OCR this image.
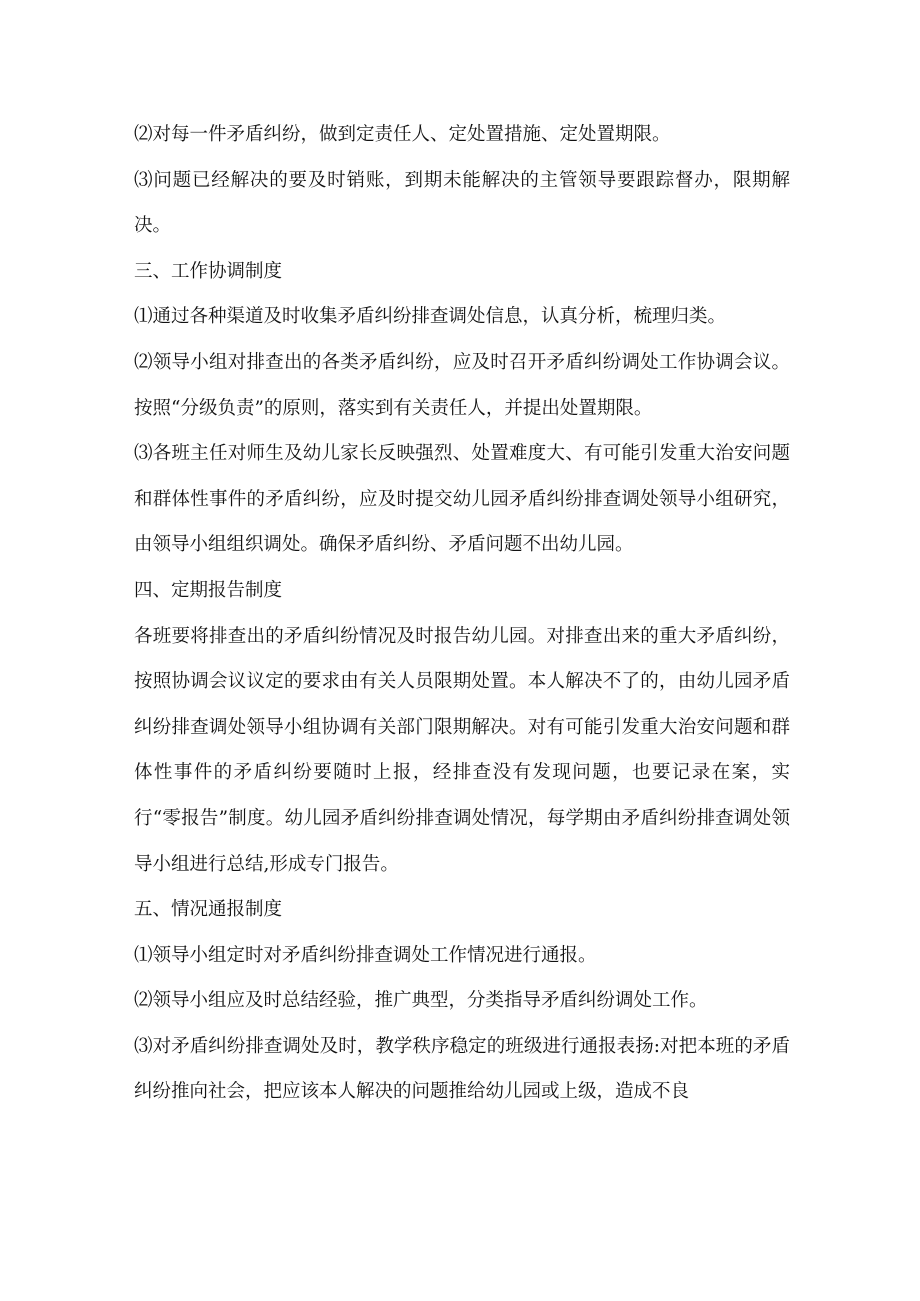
⑵对每一件矛盾纠纷，做到定责任人、定处置措施、定处置期限。

⑶问题已经解决的要及时销账，到期未能解决的主管领导要跟踪督办，限期解决。

三、工作协调制度

⑴通过各种渠道及时收集矛盾纠纷排查调处信息，认真分析，梳理归类。

⑵领导小组对排查出的各类矛盾纠纷，应及时召开矛盾纠纷调处工作协调会议。按照“分级负责”的原则，落实到有关责任人，并提出处置期限。

⑶各班主任对师生及幼儿家长反映强烈、处置难度大、有可能引发重大治安问题和群体性事件的矛盾纠纷，应及时提交幼儿园矛盾纠纷排查调处领导小组研究，由领导小组组织调处。确保矛盾纠纷、矛盾问题不出幼儿园。

四、定期报告制度

各班要将排查出的矛盾纠纷情况及时报告幼儿园。对排查出来的重大矛盾纠纷，按照协调会议议定的要求由有关人员限期处置。本人解决不了的，由幼儿园矛盾纠纷排查调处领导小组协调有关部门限期解决。对有可能引发重大治安问题和群体性事件的矛盾纠纷要随时上报，经排查没有发现问题，也要记录在案，实行“零报告”制度。幼儿园矛盾纠纷排查调处情况，每学期由矛盾纠纷排查调处领导小组进行总结,形成专门报告。

五、情况通报制度

⑴领导小组定时对矛盾纠纷排查调处工作情况进行通报。

⑵领导小组应及时总结经验，推广典型，分类指导矛盾纠纷调处工作。

⑶对矛盾纠纷排查调处及时，教学秩序稳定的班级进行通报表扬:对把本班的矛盾纠纷推向社会，把应该本人解决的问题推给幼儿园或上级，造成不良
